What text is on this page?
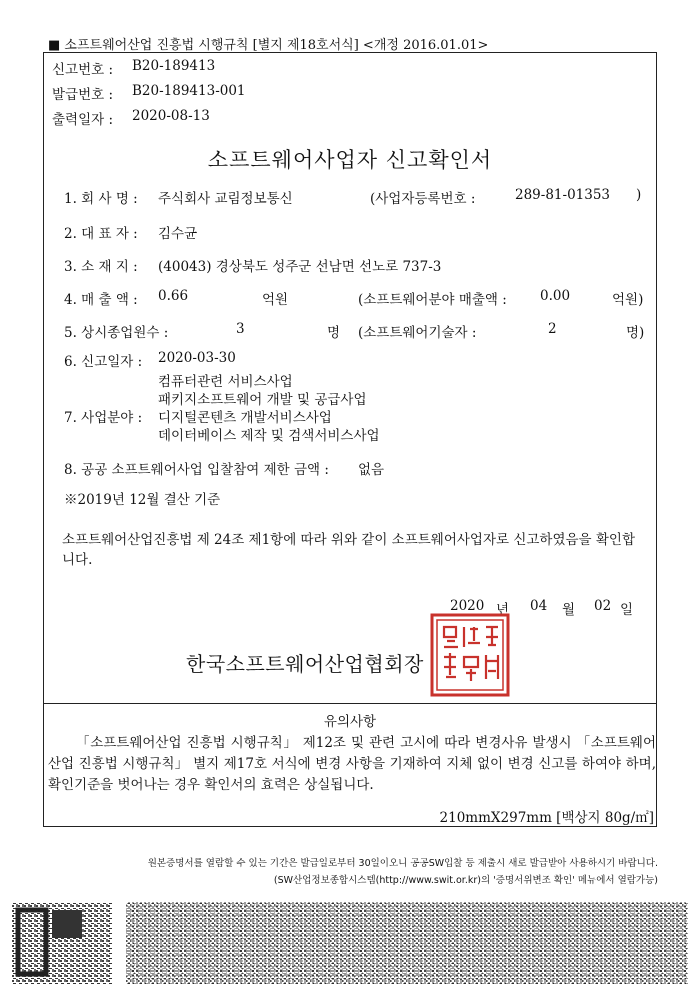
■ 소프트웨어산업 진흥법 시행규칙 [별지 제18호서식] <개정 2016.01.01>
신고번호 : B20-189413
발급번호 : B20-189413-001
출력일자 : 2020-08-13
소프트웨어사업자 신고확인서
1. 회 사 명 : 주식회사 교림정보통신	(사업자등록번호 :	289-81-01353 )
2. 대 표 자 : 김수균
3. 소 재 지 : (40043) 경상북도 성주군 선남면 선노로 737-3
4. 매 출 액 : 0.66	억원	(소프트웨어분야 매출액 : 0.00	억원)
5. 상시종업원수 :	3	명 (소프트웨어기술자 :	2	명)
6. 신고일자 : 2020-03-30
컴퓨터관련 서비스사업
패키지소프트웨어 개발 및 공급사업
7. 사업분야 : 디지털콘텐츠 개발서비스사업
데이터베이스 제작 및 검색서비스사업
8. 공공 소프트웨어사업 입찰참여 제한 금액 : 없음
※2019년 12월 결산 기준
소프트웨어산업진흥법 제 24조 제1항에 따라 위와 같이 소프트웨어사업자로 신고하였음을 확인합니다.
2020 년 04 월 02 일
한국소프트웨어산업협회장
유의사항
「소프트웨어산업 진흥법 시행규칙」 제12조 및 관련 고시에 따라 변경사유 발생시 「소프트웨어산업 진흥법 시행규칙」 별지 제17호 서식에 변경 사항을 기재하여 지체 없이 변경 신고를 하여야 하며, 확인기준을 벗어나는 경우 확인서의 효력은 상실됩니다.
210mmX297mm [백상지 80g/㎡]
원본증명서를 열람할 수 있는 기간은 발급일로부터 30일이오니 공공SW입찰 등 제출시 새로 발급받아 사용하시기 바랍니다.
(SW산업정보종합시스템(http://www.swit.or.kr)의 '증명서위변조 확인' 메뉴에서 열람가능)
